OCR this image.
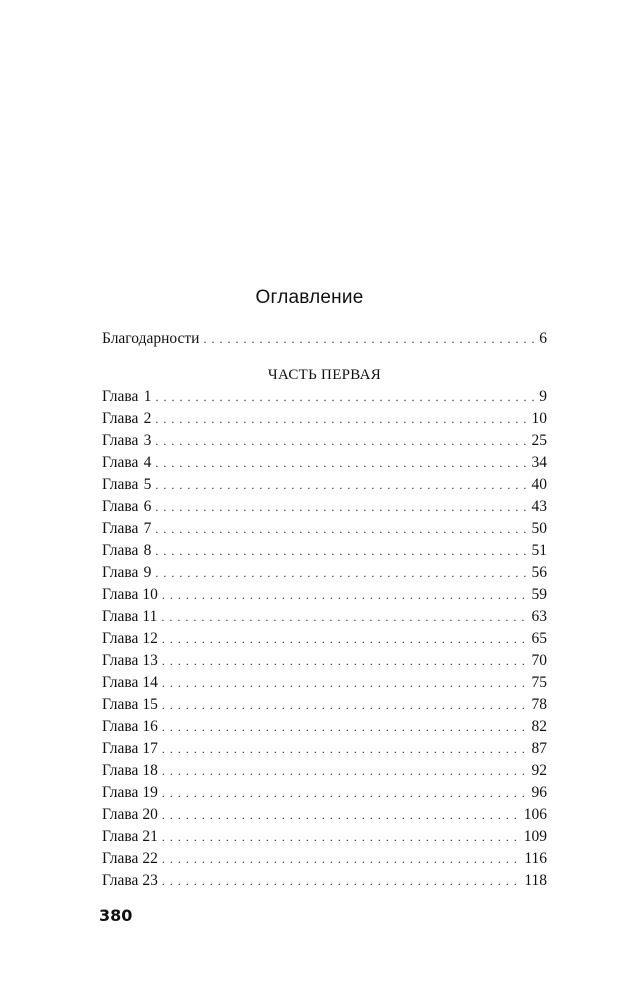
Оглавление
Благодарности . . .	6
ЧАСТЬ ПЕРВАЯ
Глава 1 . . .	9
Глава 2 . . .	10
Глава 3 . . .	25
Глава 4 . . .	34
Глава 5 . . .	40
Глава 6 . . .	43
Глава 7 . . .	50
Глава 8 . . .	51
Глава 9 . . .	56
Глава 10 . . .	59
Глава 11 . . .	63
Глава 12 . . .	65
Глава 13 . . .	70
Глава 14 . . .	75
Глава 15 . . .	78
Глава 16 . . .	82
Глава 17 . . .	87
Глава 18 . . .	92
Глава 19 . . .	96
Глава 20 . . .	106
Глава 21 . . .	109
Глава 22 . . .	116
Глава 23 . . .	118
380
